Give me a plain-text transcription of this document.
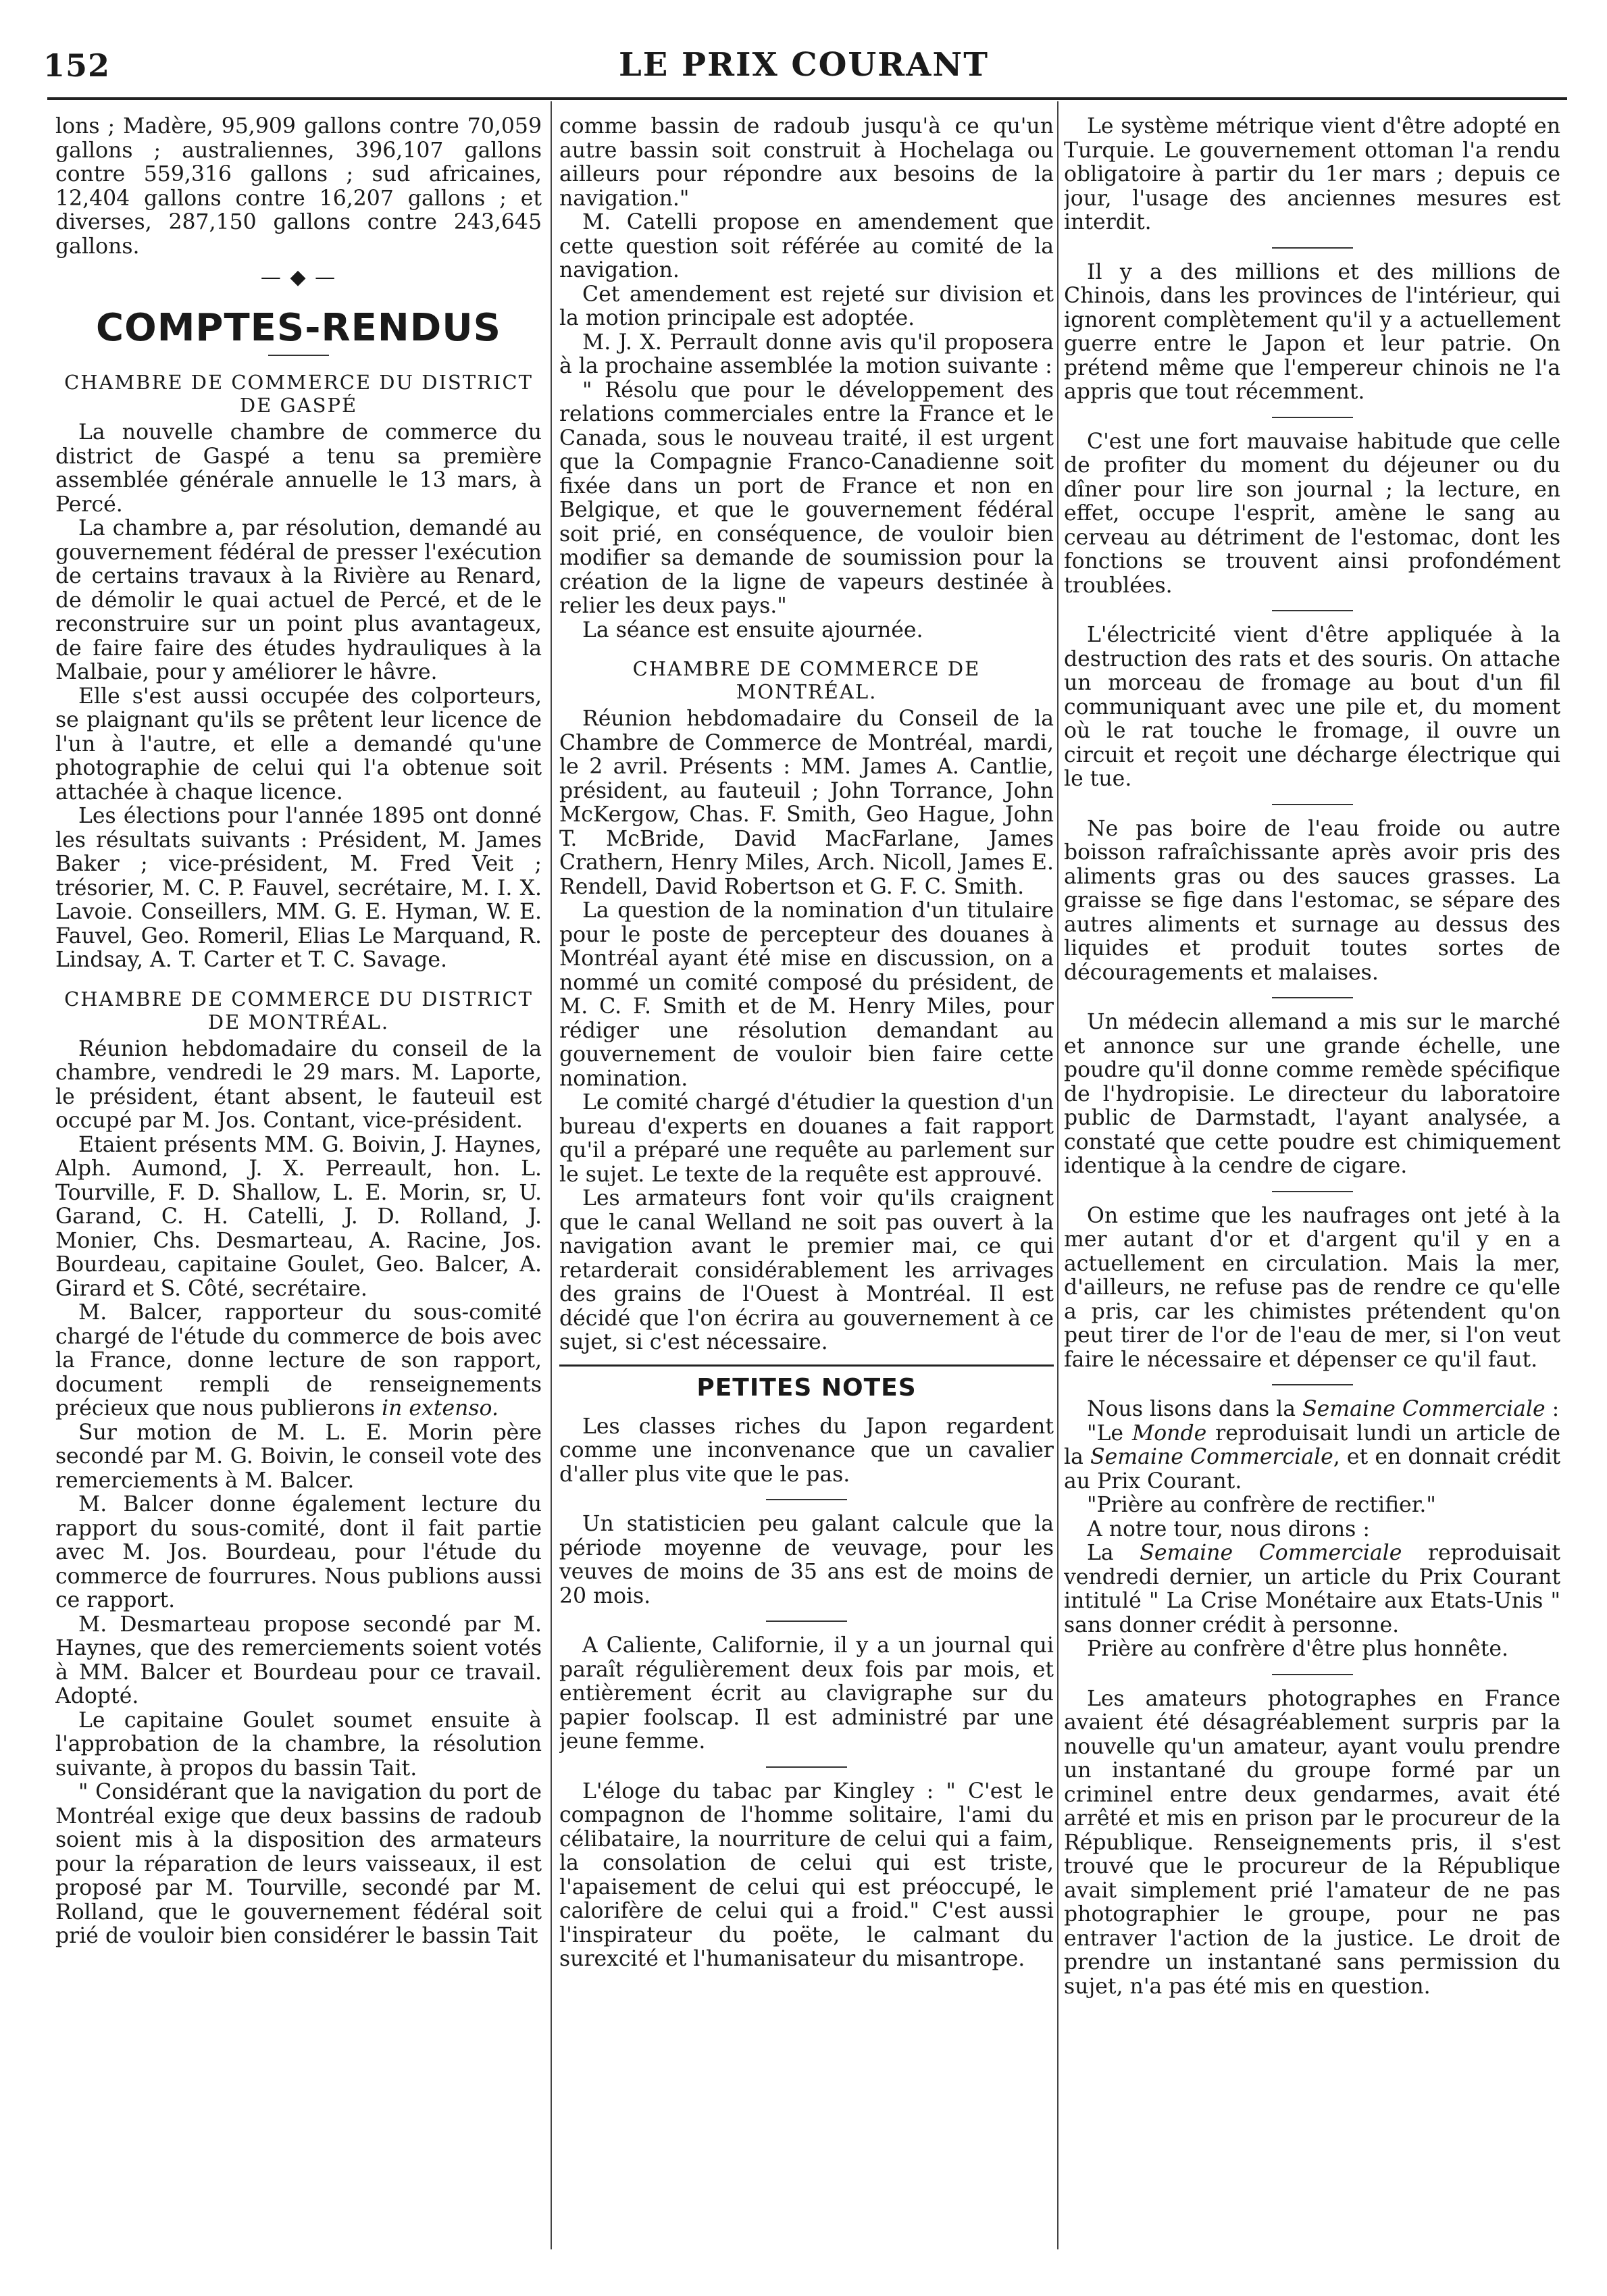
152	LE PRIX COURANT

lons ; Madère, 95,909 gallons contre 70,059 gallons ; australiennes, 396,107 gallons contre 559,316 gallons ; sud africaines, 12,404 gallons contre 16,207 gallons ; et diverses, 287,150 gallons contre 243,645 gallons.

— ◆ —
COMPTES-RENDUS
CHAMBRE DE COMMERCE DU DISTRICT DE GASPÉ

La nouvelle chambre de commerce du district de Gaspé a tenu sa première assemblée générale annuelle le 13 mars, à Percé.

La chambre a, par résolution, demandé au gouvernement fédéral de presser l'exécution de certains travaux à la Rivière au Renard, de démolir le quai actuel de Percé, et de le reconstruire sur un point plus avantageux, de faire faire des études hydrauliques à la Malbaie, pour y améliorer le hâvre.

Elle s'est aussi occupée des colporteurs, se plaignant qu'ils se prêtent leur licence de l'un à l'autre, et elle a demandé qu'une photographie de celui qui l'a obtenue soit attachée à chaque licence.

Les élections pour l'année 1895 ont donné les résultats suivants : Président, M. James Baker ; vice-président, M. Fred Veit ; trésorier, M. C. P. Fauvel, secrétaire, M. I. X. Lavoie. Conseillers, MM. G. E. Hyman, W. E. Fauvel, Geo. Romeril, Elias Le Marquand, R. Lindsay, A. T. Carter et T. C. Savage.

CHAMBRE DE COMMERCE DU DISTRICT DE MONTRÉAL.

Réunion hebdomadaire du conseil de la chambre, vendredi le 29 mars. M. Laporte, le président, étant absent, le fauteuil est occupé par M. Jos. Contant, vice-président.

Etaient présents MM. G. Boivin, J. Haynes, Alph. Aumond, J. X. Perreault, hon. L. Tourville, F. D. Shallow, L. E. Morin, sr, U. Garand, C. H. Catelli, J. D. Rolland, J. Monier, Chs. Desmarteau, A. Racine, Jos. Bourdeau, capitaine Goulet, Geo. Balcer, A. Girard et S. Côté, secrétaire.

M. Balcer, rapporteur du sous-comité chargé de l'étude du commerce de bois avec la France, donne lecture de son rapport, document rempli de renseignements précieux que nous publierons in extenso.

Sur motion de M. L. E. Morin père secondé par M. G. Boivin, le conseil vote des remerciements à M. Balcer.

M. Balcer donne également lecture du rapport du sous-comité, dont il fait partie avec M. Jos. Bourdeau, pour l'étude du commerce de fourrures. Nous publions aussi ce rapport.

M. Desmarteau propose secondé par M. Haynes, que des remerciements soient votés à MM. Balcer et Bourdeau pour ce travail. Adopté.

Le capitaine Goulet soumet ensuite à l'approbation de la chambre, la résolution suivante, à propos du bassin Tait.

" Considérant que la navigation du port de Montréal exige que deux bassins de radoub soient mis à la disposition des armateurs pour la réparation de leurs vaisseaux, il est proposé par M. Tourville, secondé par M. Rolland, que le gouvernement fédéral soit prié de vouloir bien considérer le bassin Tait

comme bassin de radoub jusqu'à ce qu'un autre bassin soit construit à Hochelaga ou ailleurs pour répondre aux besoins de la navigation."

M. Catelli propose en amendement que cette question soit référée au comité de la navigation.

Cet amendement est rejeté sur division et la motion principale est adoptée.

M. J. X. Perrault donne avis qu'il proposera à la prochaine assemblée la motion suivante :

" Résolu que pour le développement des relations commerciales entre la France et le Canada, sous le nouveau traité, il est urgent que la Compagnie Franco-Canadienne soit fixée dans un port de France et non en Belgique, et que le gouvernement fédéral soit prié, en conséquence, de vouloir bien modifier sa demande de soumission pour la création de la ligne de vapeurs destinée à relier les deux pays."

La séance est ensuite ajournée.

CHAMBRE DE COMMERCE DE MONTRÉAL.

Réunion hebdomadaire du Conseil de la Chambre de Commerce de Montréal, mardi, le 2 avril. Présents : MM. James A. Cantlie, président, au fauteuil ; John Torrance, John McKergow, Chas. F. Smith, Geo Hague, John T. McBride, David MacFarlane, James Crathern, Henry Miles, Arch. Nicoll, James E. Rendell, David Robertson et G. F. C. Smith.

La question de la nomination d'un titulaire pour le poste de percepteur des douanes à Montréal ayant été mise en discussion, on a nommé un comité composé du président, de M. C. F. Smith et de M. Henry Miles, pour rédiger une résolution demandant au gouvernement de vouloir bien faire cette nomination.

Le comité chargé d'étudier la question d'un bureau d'experts en douanes a fait rapport qu'il a préparé une requête au parlement sur le sujet. Le texte de la requête est approuvé.

Les armateurs font voir qu'ils craignent que le canal Welland ne soit pas ouvert à la navigation avant le premier mai, ce qui retarderait considérablement les arrivages des grains de l'Ouest à Montréal. Il est décidé que l'on écrira au gouvernement à ce sujet, si c'est nécessaire.

PETITES NOTES

Les classes riches du Japon regardent comme une inconvenance que un cavalier d'aller plus vite que le pas.

Un statisticien peu galant calcule que la période moyenne de veuvage, pour les veuves de moins de 35 ans est de moins de 20 mois.

A Caliente, Californie, il y a un journal qui paraît régulièrement deux fois par mois, et entièrement écrit au clavigraphe sur du papier foolscap. Il est administré par une jeune femme.

L'éloge du tabac par Kingley : " C'est le compagnon de l'homme solitaire, l'ami du célibataire, la nourriture de celui qui a faim, la consolation de celui qui est triste, l'apaisement de celui qui est préoccupé, le calorifère de celui qui a froid." C'est aussi l'inspirateur du poëte, le calmant du surexcité et l'humanisateur du misantrope.

Le système métrique vient d'être adopté en Turquie. Le gouvernement ottoman l'a rendu obligatoire à partir du 1er mars ; depuis ce jour, l'usage des anciennes mesures est interdit.

Il y a des millions et des millions de Chinois, dans les provinces de l'intérieur, qui ignorent complètement qu'il y a actuellement guerre entre le Japon et leur patrie. On prétend même que l'empereur chinois ne l'a appris que tout récemment.

C'est une fort mauvaise habitude que celle de profiter du moment du déjeuner ou du dîner pour lire son journal ; la lecture, en effet, occupe l'esprit, amène le sang au cerveau au détriment de l'estomac, dont les fonctions se trouvent ainsi profondément troublées.

L'électricité vient d'être appliquée à la destruction des rats et des souris. On attache un morceau de fromage au bout d'un fil communiquant avec une pile et, du moment où le rat touche le fromage, il ouvre un circuit et reçoit une décharge électrique qui le tue.

Ne pas boire de l'eau froide ou autre boisson rafraîchissante après avoir pris des aliments gras ou des sauces grasses. La graisse se fige dans l'estomac, se sépare des autres aliments et surnage au dessus des liquides et produit toutes sortes de découragements et malaises.

Un médecin allemand a mis sur le marché et annonce sur une grande échelle, une poudre qu'il donne comme remède spécifique de l'hydropisie. Le directeur du laboratoire public de Darmstadt, l'ayant analysée, a constaté que cette poudre est chimiquement identique à la cendre de cigare.

On estime que les naufrages ont jeté à la mer autant d'or et d'argent qu'il y en a actuellement en circulation. Mais la mer, d'ailleurs, ne refuse pas de rendre ce qu'elle a pris, car les chimistes prétendent qu'on peut tirer de l'or de l'eau de mer, si l'on veut faire le nécessaire et dépenser ce qu'il faut.

Nous lisons dans la Semaine Commerciale :

"Le Monde reproduisait lundi un article de la Semaine Commerciale, et en donnait crédit au Prix Courant.

"Prière au confrère de rectifier."

A notre tour, nous dirons :

La Semaine Commerciale reproduisait vendredi dernier, un article du Prix Courant intitulé " La Crise Monétaire aux Etats-Unis " sans donner crédit à personne.

Prière au confrère d'être plus honnête.

Les amateurs photographes en France avaient été désagréablement surpris par la nouvelle qu'un amateur, ayant voulu prendre un instantané du groupe formé par un criminel entre deux gendarmes, avait été arrêté et mis en prison par le procureur de la République. Renseignements pris, il s'est trouvé que le procureur de la République avait simplement prié l'amateur de ne pas photographier le groupe, pour ne pas entraver l'action de la justice. Le droit de prendre un instantané sans permission du sujet, n'a pas été mis en question.
